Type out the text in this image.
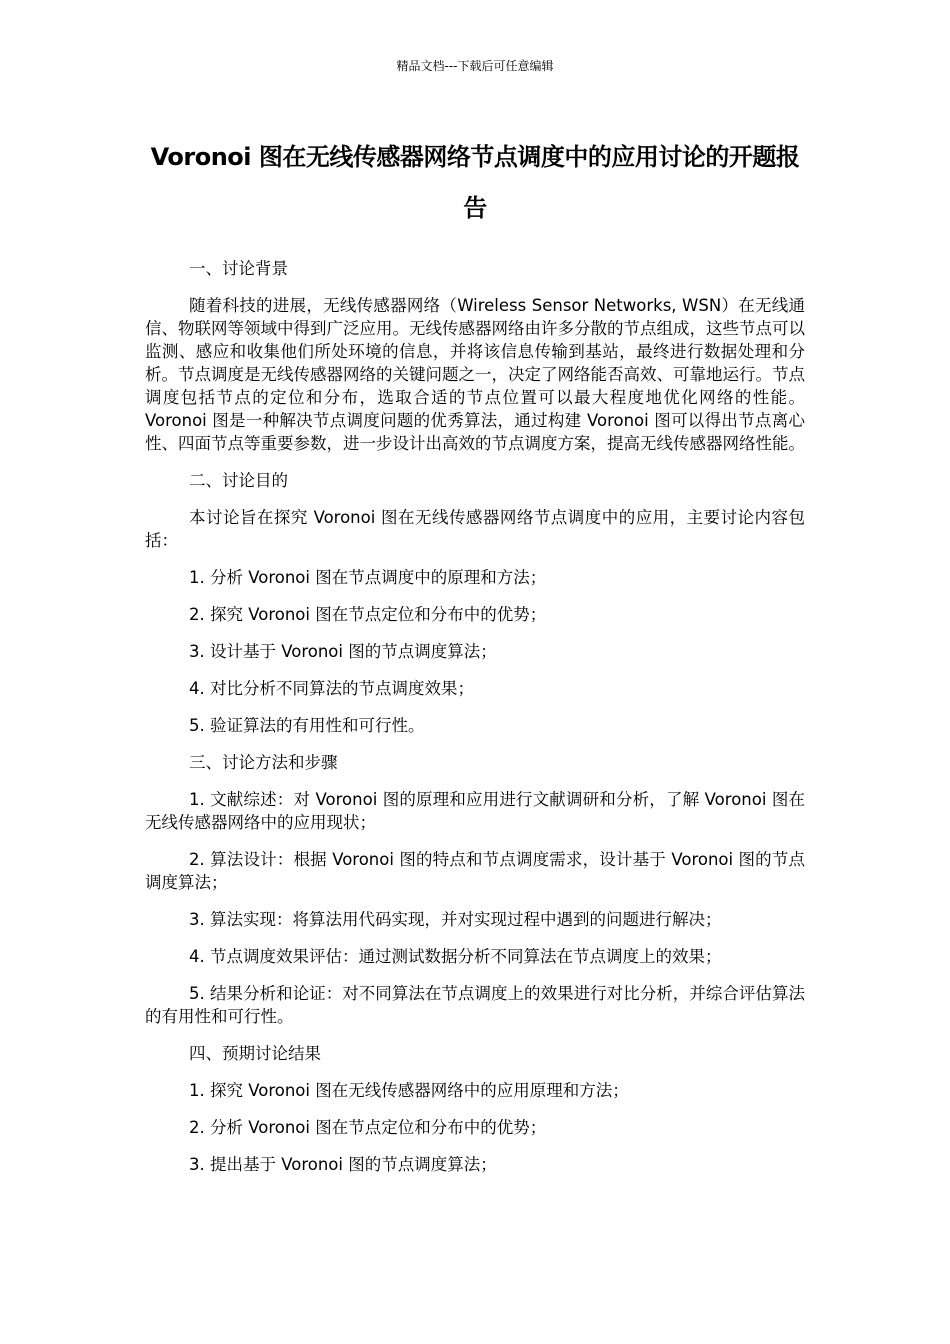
精品文档---下载后可任意编辑
Voronoi 图在无线传感器网络节点调度中的应用讨论的开题报告

一、讨论背景

随着科技的进展，无线传感器网络（Wireless Sensor Networks, WSN）在无线通信、物联网等领域中得到广泛应用。无线传感器网络由许多分散的节点组成，这些节点可以监测、感应和收集他们所处环境的信息，并将该信息传输到基站，最终进行数据处理和分析。节点调度是无线传感器网络的关键问题之一，决定了网络能否高效、可靠地运行。节点调度包括节点的定位和分布，选取合适的节点位置可以最大程度地优化网络的性能。Voronoi 图是一种解决节点调度问题的优秀算法，通过构建 Voronoi 图可以得出节点离心性、四面节点等重要参数，进一步设计出高效的节点调度方案，提高无线传感器网络性能。

二、讨论目的

本讨论旨在探究 Voronoi 图在无线传感器网络节点调度中的应用，主要讨论内容包括：

1. 分析 Voronoi 图在节点调度中的原理和方法；

2. 探究 Voronoi 图在节点定位和分布中的优势；

3. 设计基于 Voronoi 图的节点调度算法；

4. 对比分析不同算法的节点调度效果；

5. 验证算法的有用性和可行性。

三、讨论方法和步骤

1. 文献综述：对 Voronoi 图的原理和应用进行文献调研和分析，了解 Voronoi 图在无线传感器网络中的应用现状；

2. 算法设计：根据 Voronoi 图的特点和节点调度需求，设计基于 Voronoi 图的节点调度算法；

3. 算法实现：将算法用代码实现，并对实现过程中遇到的问题进行解决；

4. 节点调度效果评估：通过测试数据分析不同算法在节点调度上的效果；

5. 结果分析和论证：对不同算法在节点调度上的效果进行对比分析，并综合评估算法的有用性和可行性。

四、预期讨论结果

1. 探究 Voronoi 图在无线传感器网络中的应用原理和方法；

2. 分析 Voronoi 图在节点定位和分布中的优势；

3. 提出基于 Voronoi 图的节点调度算法；
